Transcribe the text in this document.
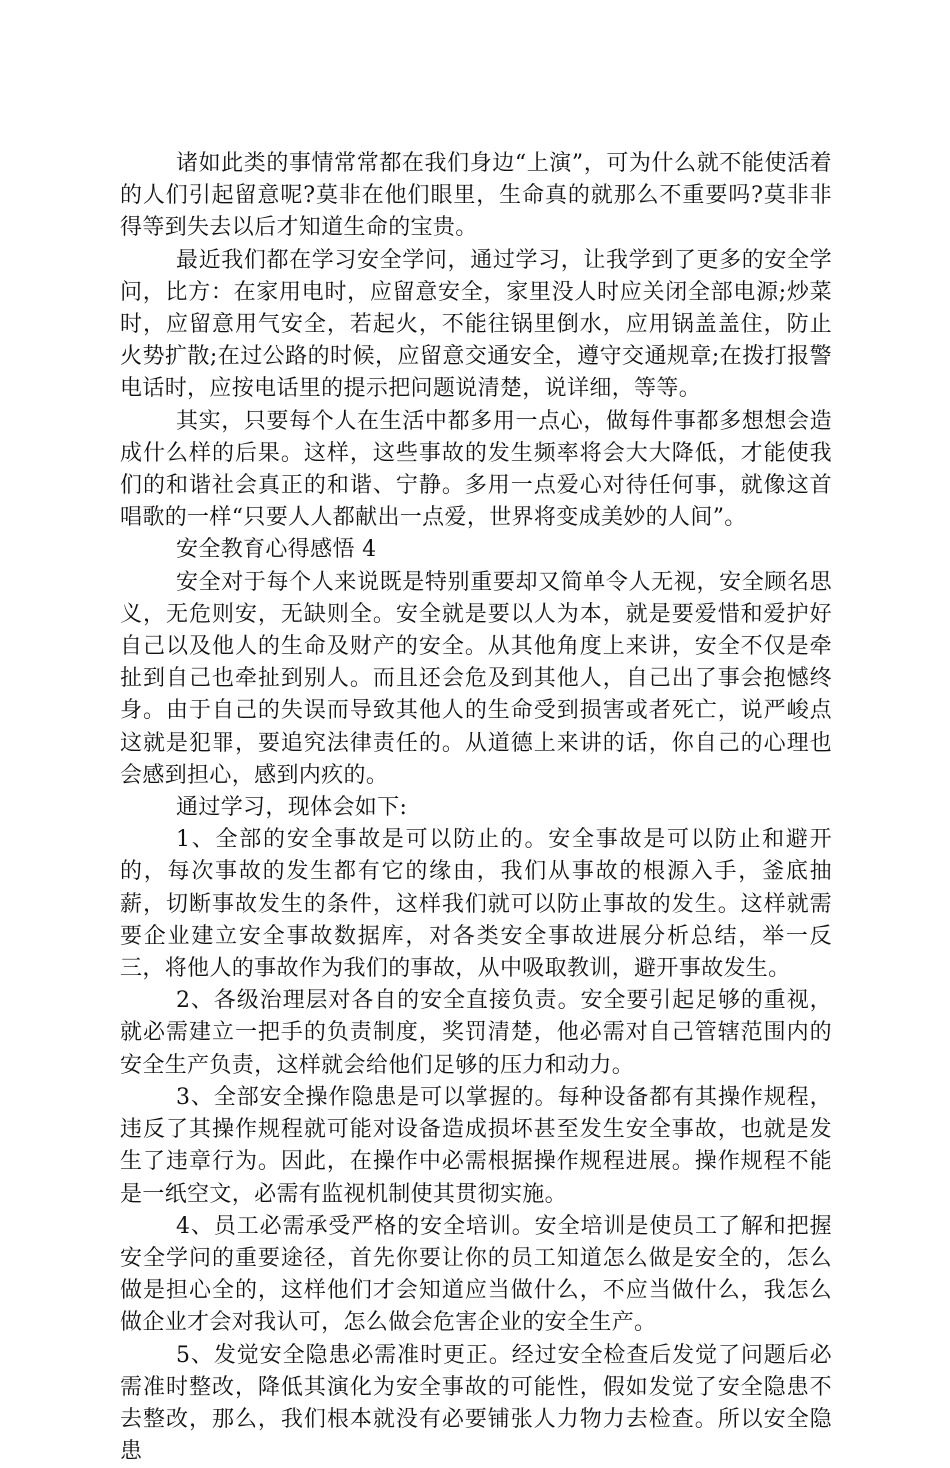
诸如此类的事情常常都在我们身边“上演”，可为什么就不能使活着的人们引起留意呢?莫非在他们眼里，生命真的就那么不重要吗?莫非非得等到失去以后才知道生命的宝贵。

最近我们都在学习安全学问，通过学习，让我学到了更多的安全学问，比方：在家用电时，应留意安全，家里没人时应关闭全部电源;炒菜时，应留意用气安全，若起火，不能往锅里倒水，应用锅盖盖住，防止火势扩散;在过公路的时候，应留意交通安全，遵守交通规章;在拨打报警电话时，应按电话里的提示把问题说清楚，说详细，等等。

其实，只要每个人在生活中都多用一点心，做每件事都多想想会造成什么样的后果。这样，这些事故的发生频率将会大大降低，才能使我们的和谐社会真正的和谐、宁静。多用一点爱心对待任何事，就像这首唱歌的一样“只要人人都献出一点爱，世界将变成美妙的人间”。

安全教育心得感悟 4

安全对于每个人来说既是特别重要却又简单令人无视，安全顾名思义，无危则安，无缺则全。安全就是要以人为本，就是要爱惜和爱护好自己以及他人的生命及财产的安全。从其他角度上来讲，安全不仅是牵扯到自己也牵扯到别人。而且还会危及到其他人，自己出了事会抱憾终身。由于自己的失误而导致其他人的生命受到损害或者死亡，说严峻点这就是犯罪，要追究法律责任的。从道德上来讲的话，你自己的心理也会感到担心，感到内疚的。

通过学习，现体会如下:

1、全部的安全事故是可以防止的。安全事故是可以防止和避开的，每次事故的发生都有它的缘由，我们从事故的根源入手，釜底抽薪，切断事故发生的条件，这样我们就可以防止事故的发生。这样就需要企业建立安全事故数据库，对各类安全事故进展分析总结，举一反三，将他人的事故作为我们的事故，从中吸取教训，避开事故发生。

2、各级治理层对各自的安全直接负责。安全要引起足够的重视，就必需建立一把手的负责制度，奖罚清楚，他必需对自己管辖范围内的安全生产负责，这样就会给他们足够的压力和动力。

3、全部安全操作隐患是可以掌握的。每种设备都有其操作规程，违反了其操作规程就可能对设备造成损坏甚至发生安全事故，也就是发生了违章行为。因此，在操作中必需根据操作规程进展。操作规程不能是一纸空文，必需有监视机制使其贯彻实施。

4、员工必需承受严格的安全培训。安全培训是使员工了解和把握安全学问的重要途径，首先你要让你的员工知道怎么做是安全的，怎么做是担心全的，这样他们才会知道应当做什么，不应当做什么，我怎么做企业才会对我认可，怎么做会危害企业的安全生产。

5、发觉安全隐患必需准时更正。经过安全检查后发觉了问题后必需准时整改，降低其演化为安全事故的可能性，假如发觉了安全隐患不去整改，那么，我们根本就没有必要铺张人力物力去检查。所以安全隐患
